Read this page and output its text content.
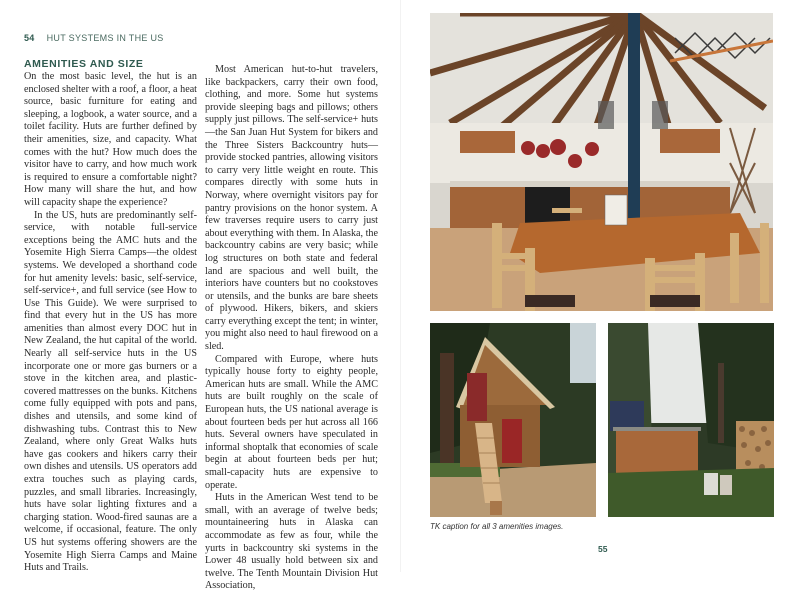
54 HUT SYSTEMS IN THE US
AMENITIES AND SIZE

On the most basic level, the hut is an enclosed shelter with a roof, a floor, a heat source, basic furniture for eating and sleeping, a logbook, a water source, and a toilet facility. Huts are further defined by their amenities, size, and capacity. What comes with the hut? How much does the visitor have to carry, and how much work is required to ensure a comfortable night? How many will share the hut, and how will capacity shape the experience?

In the US, huts are predominantly self-service, with notable full-service exceptions being the AMC huts and the Yosemite High Sierra Camps—the oldest systems. We developed a shorthand code for hut amenity levels: basic, self-service, self-service+, and full service (see How to Use This Guide). We were surprised to find that every hut in the US has more amenities than almost every DOC hut in New Zealand, the hut capital of the world. Nearly all self-service huts in the US incorporate one or more gas burners or a stove in the kitchen area, and plastic-covered mattresses on the bunks. Kitchens come fully equipped with pots and pans, dishes and utensils, and some kind of dishwashing tubs. Contrast this to New Zealand, where only Great Walks huts have gas cookers and hikers carry their own dishes and utensils. US operators add extra touches such as playing cards, puzzles, and small libraries. Increasingly, huts have solar lighting fixtures and a charging station. Wood-fired saunas are a welcome, if occasional, feature. The only US hut systems offering showers are the Yosemite High Sierra Camps and Maine Huts and Trails.

Most American hut-to-hut travelers, like backpackers, carry their own food, clothing, and more. Some hut systems provide sleeping bags and pillows; others supply just pillows. The self-service+ huts—the San Juan Hut System for bikers and the Three Sisters Backcountry huts—provide stocked pantries, allowing visitors to carry very little weight en route. This compares directly with some huts in Norway, where overnight visitors pay for pantry provisions on the honor system. A few traverses require users to carry just about everything with them. In Alaska, the backcountry cabins are very basic; while log structures on both state and federal land are spacious and well built, the interiors have counters but no cookstoves or utensils, and the bunks are bare sheets of plywood. Hikers, bikers, and skiers carry everything except the tent; in winter, you might also need to haul firewood on a sled.

Compared with Europe, where huts typically house forty to eighty people, American huts are small. While the AMC huts are built roughly on the scale of European huts, the US national average is about fourteen beds per hut across all 166 huts. Several owners have speculated in informal shoptalk that economies of scale begin at about fourteen beds per hut; small-capacity huts are expensive to operate.

Huts in the American West tend to be small, with an average of twelve beds; mountaineering huts in Alaska can accommodate as few as four, while the yurts in backcountry ski systems in the Lower 48 usually hold between six and twelve. The Tenth Mountain Division Hut Association,

TK caption for all 3 amenities images.
55
